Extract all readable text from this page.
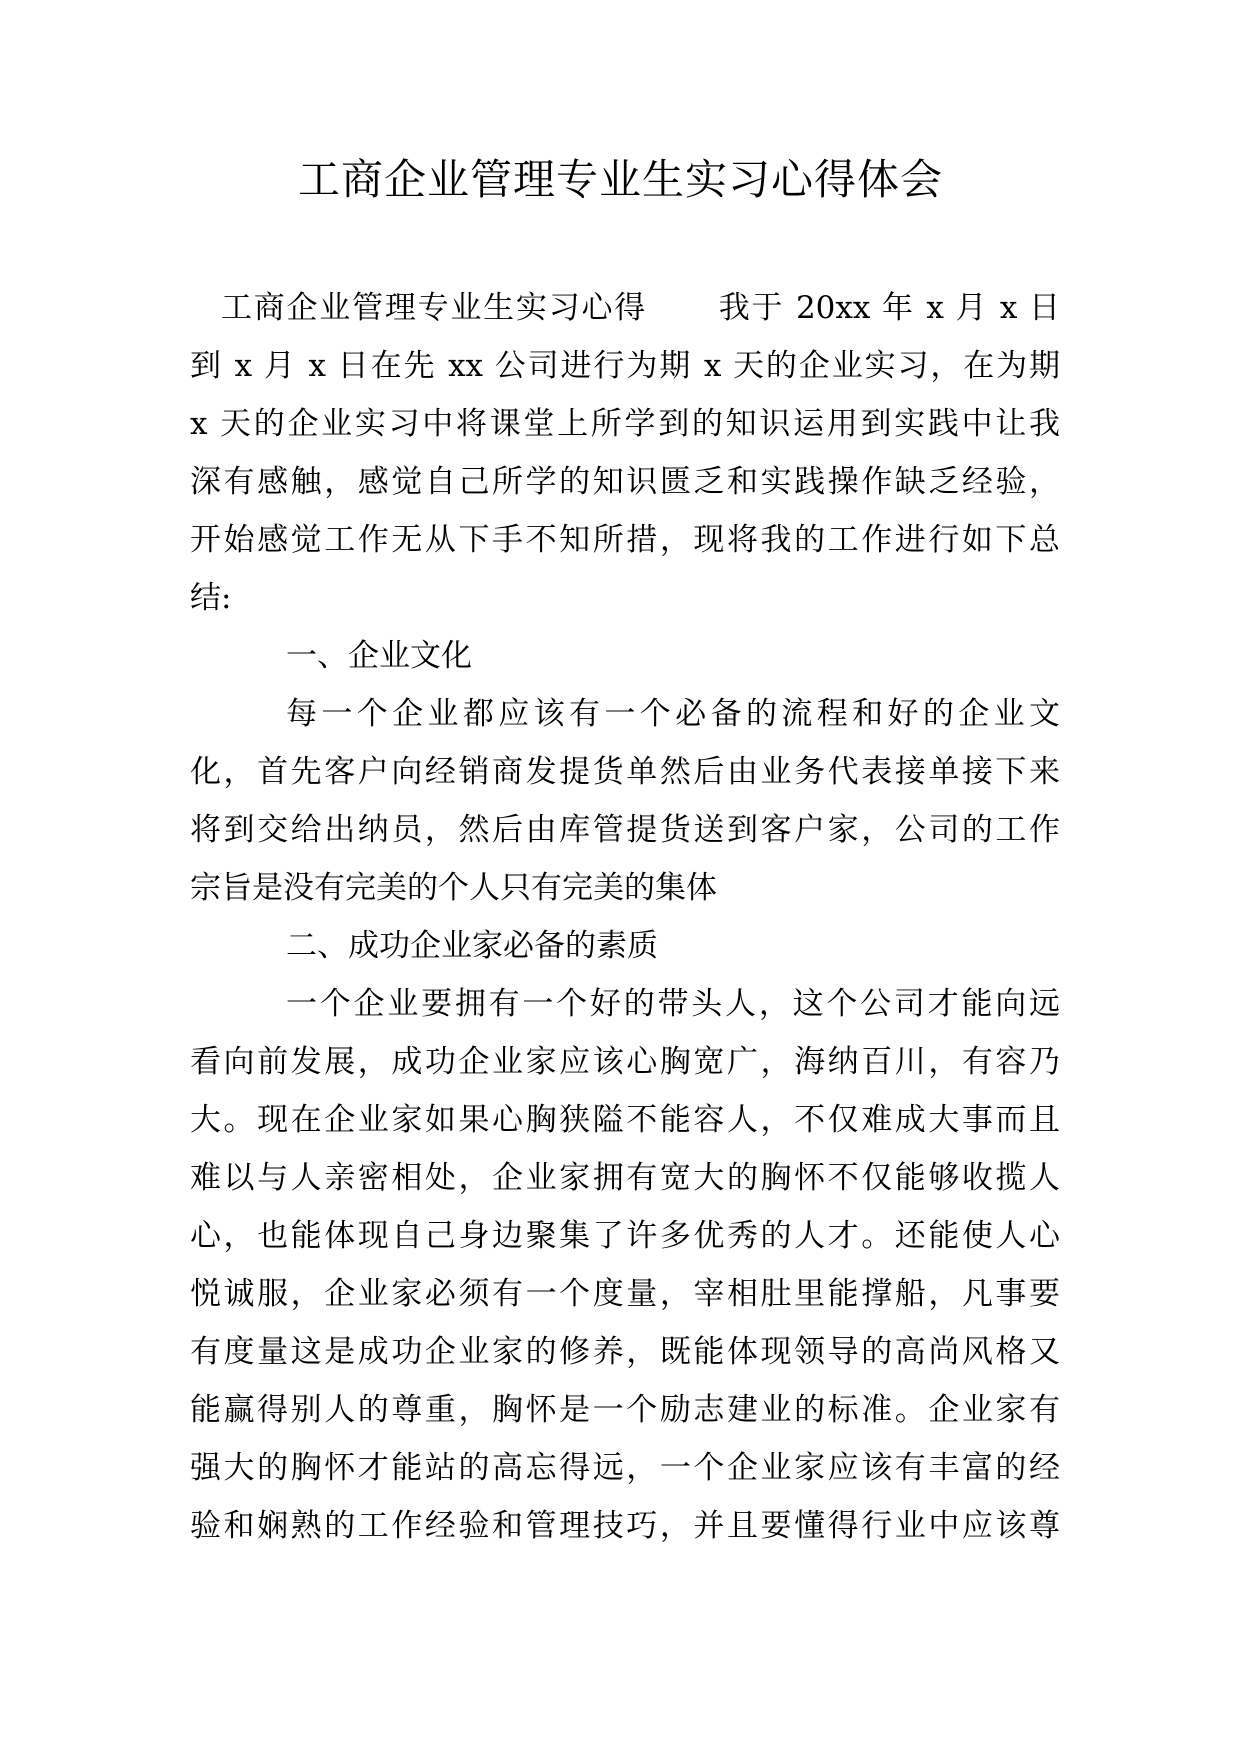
工商企业管理专业生实习心得体会
工商企业管理专业生实习心得 我于 20xx 年 x 月 x 日
到 x 月 x 日在先 xx 公司进行为期 x 天的企业实习，在为期
x 天的企业实习中将课堂上所学到的知识运用到实践中让我
深有感触，感觉自己所学的知识匮乏和实践操作缺乏经验，
开始感觉工作无从下手不知所措，现将我的工作进行如下总
结:
一、企业文化
每一个企业都应该有一个必备的流程和好的企业文
化，首先客户向经销商发提货单然后由业务代表接单接下来
将到交给出纳员，然后由库管提货送到客户家，公司的工作
宗旨是没有完美的个人只有完美的集体
二、成功企业家必备的素质
一个企业要拥有一个好的带头人，这个公司才能向远
看向前发展，成功企业家应该心胸宽广，海纳百川，有容乃
大。现在企业家如果心胸狭隘不能容人，不仅难成大事而且
难以与人亲密相处，企业家拥有宽大的胸怀不仅能够收揽人
心，也能体现自己身边聚集了许多优秀的人才。还能使人心
悦诚服，企业家必须有一个度量，宰相肚里能撑船，凡事要
有度量这是成功企业家的修养，既能体现领导的高尚风格又
能赢得别人的尊重，胸怀是一个励志建业的标准。企业家有
强大的胸怀才能站的高忘得远，一个企业家应该有丰富的经
验和娴熟的工作经验和管理技巧，并且要懂得行业中应该尊
